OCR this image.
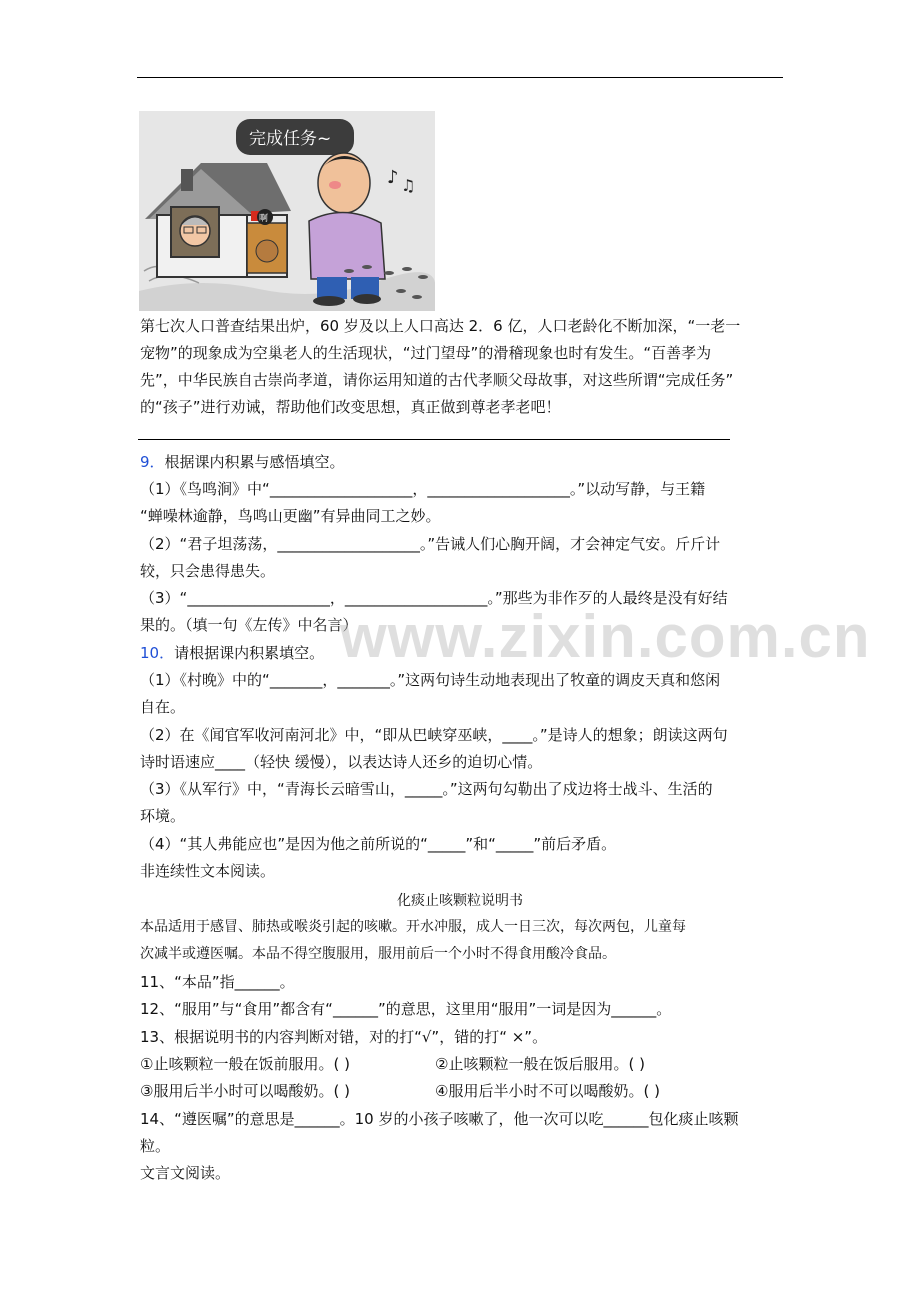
完成任务~
啊
♪ ♫
第七次人口普查结果出炉，60 岁及以上人口高达 2．6 亿，人口老龄化不断加深，“一老一
宠物”的现象成为空巢老人的生活现状，“过门望母”的滑稽现象也时有发生。“百善孝为
先”，中华民族自古崇尚孝道，请你运用知道的古代孝顺父母故事，对这些所谓“完成任务”
的“孩子”进行劝诫，帮助他们改变思想，真正做到尊老孝老吧！
9．根据课内积累与感悟填空。
（1）《鸟鸣涧》中“___________________，___________________。”以动写静，与王籍
“蝉噪林逾静，鸟鸣山更幽”有异曲同工之妙。
（2）“君子坦荡荡，___________________。”告诫人们心胸开阔，才会神定气安。斤斤计
较，只会患得患失。
（3）“___________________，___________________。”那些为非作歹的人最终是没有好结
果的。（填一句《左传》中名言）
www.zixin.com.cn
10．请根据课内积累填空。
（1）《村晚》中的“_______，_______。”这两句诗生动地表现出了牧童的调皮天真和悠闲
自在。
（2）在《闻官军收河南河北》中，“即从巴峡穿巫峡，____。”是诗人的想象；朗读这两句
诗时语速应____（轻快 缓慢），以表达诗人还乡的迫切心情。
（3）《从军行》中，“青海长云暗雪山，_____。”这两句勾勒出了戍边将士战斗、生活的
环境。
（4）“其人弗能应也”是因为他之前所说的“_____”和“_____”前后矛盾。
非连续性文本阅读。
化痰止咳颗粒说明书
本品适用于感冒、肺热或喉炎引起的咳嗽。开水冲服，成人一日三次，每次两包，儿童每
次减半或遵医嘱。本品不得空腹服用，服用前后一个小时不得食用酸冷食品。
11、“本品”指______。
12、“服用”与“食用”都含有“______”的意思，这里用“服用”一词是因为______。
13、根据说明书的内容判断对错，对的打“√”，错的打“ ×”。
①止咳颗粒一般在饭前服用。( )	②止咳颗粒一般在饭后服用。( )
③服用后半小时可以喝酸奶。( )	④服用后半小时不可以喝酸奶。( )
14、“遵医嘱”的意思是______。10 岁的小孩子咳嗽了，他一次可以吃______包化痰止咳颗
粒。
文言文阅读。
